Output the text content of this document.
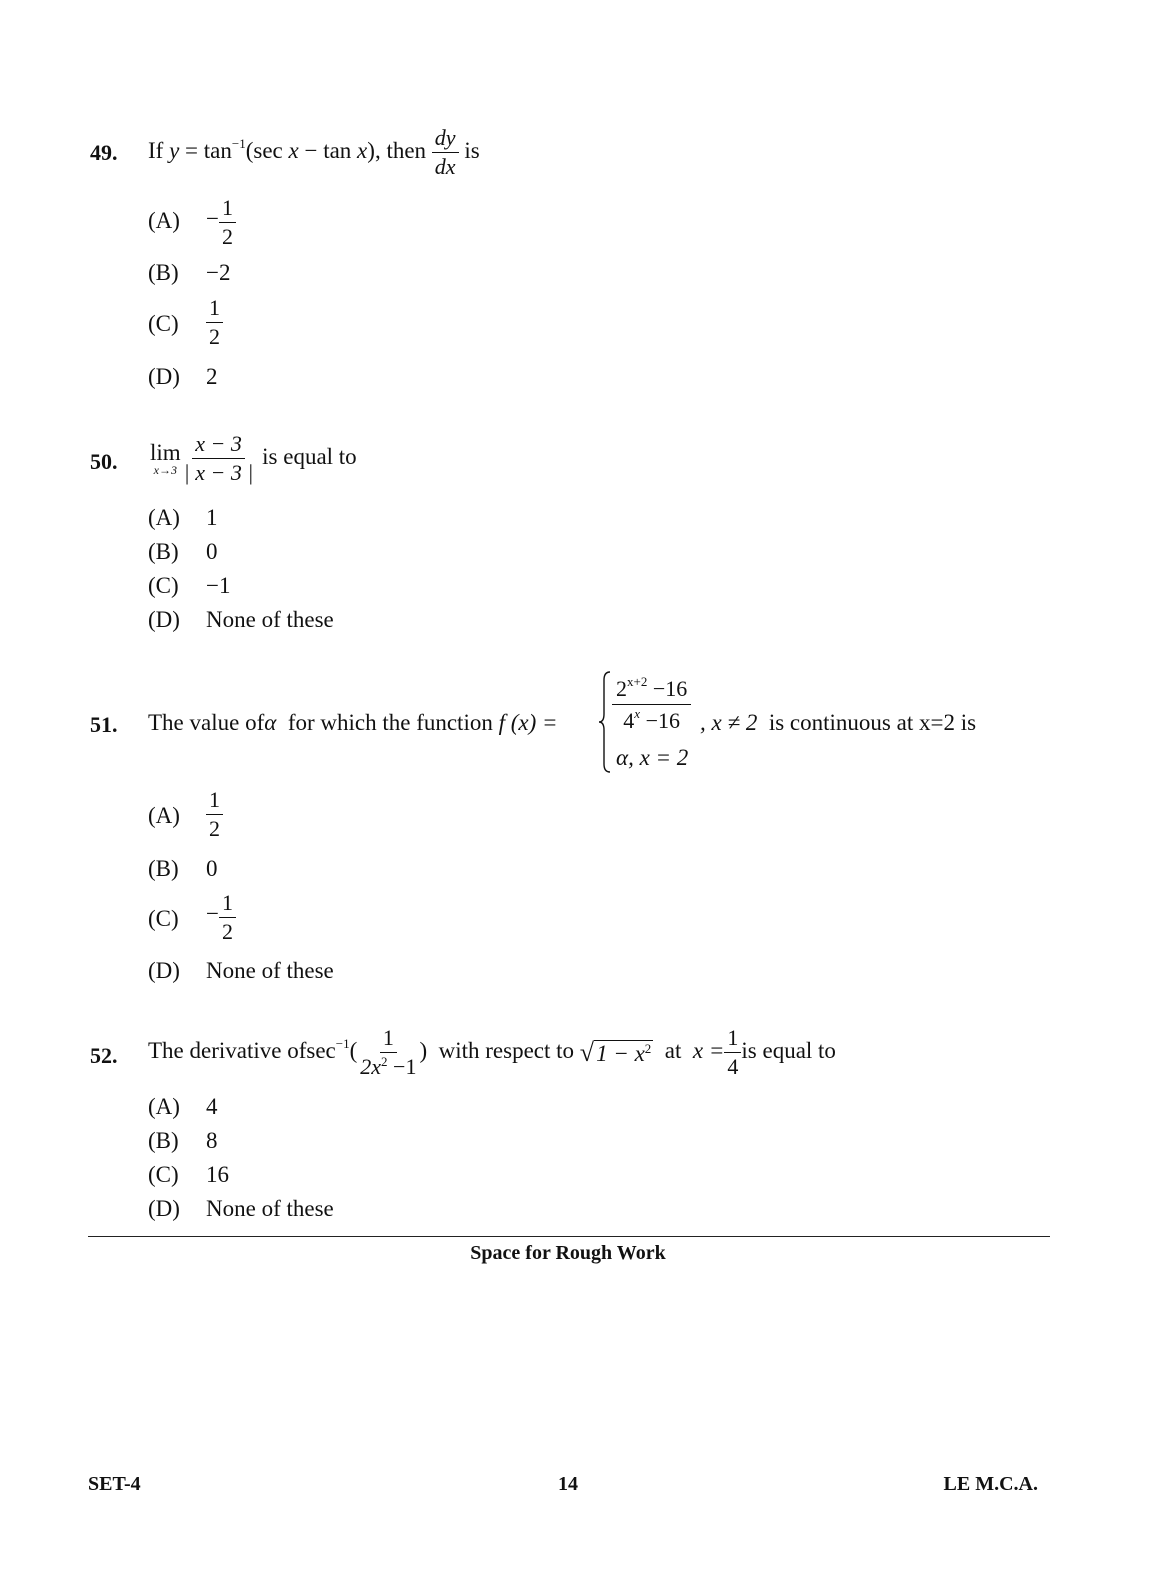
49. If $y = \tan^{-1}(\sec$ x − tan x), then $\frac{dy}{dx}$ is
$(A) - \frac{1}{2}$
(B) −2
$(C) \frac{1}{2}$
(D) 2
50. lim
$x\to 3 \frac{x - 3}{| x - 3 |}$ is equal to
(A) 1
(B) 0
(C) −1
(D) None of these
51. The value ofα for which the function f $(x) = \frac{2^{x+2} -16}{4^x -16}$ , x ≠ 2 is continuous at x=2 is
α, x = 2
$(A) \frac{1}{2}$
(B) 0
$(C) - \frac{1}{2}$
(D) None of these
52. The derivative $ofsec^{-1}( \frac{1}{2x^2 -1}$ ) with respect to $√1 - x^2$ at $x = \frac{1}{4}$ is equal to
(A) 4
(B) 8
(C) 16
(D) None of these
Space for Rough Work
SET-4	14	LE M.C.A.
